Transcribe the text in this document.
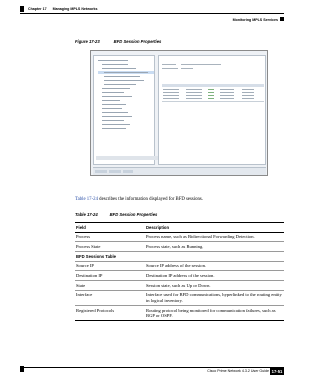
Chapter 17 Managing MPLS Networks
Monitoring MPLS Services
Figure 17-23	BFD Session Properties
Table 17-24 describes the information displayed for BFD sessions.
Table 17-24	BFD Session Properties
Field	Description
Process	Process name, such as Bidirectional Forwarding Detection.
Process State	Process state, such as Running.
BFD Sessions Table
Source IP	Source IP address of the session.
Destination IP	Destination IP address of the session.
State	Session state, such as Up or Down.
Interface	Interface used for BFD communications, hyperlinked to the routing entity in logical inventory.
Registered Protocols	Routing protocol being monitored for communication failures, such as BGP or OSPF.
Cisco Prime Network 4.3.2 User Guide 17-51
